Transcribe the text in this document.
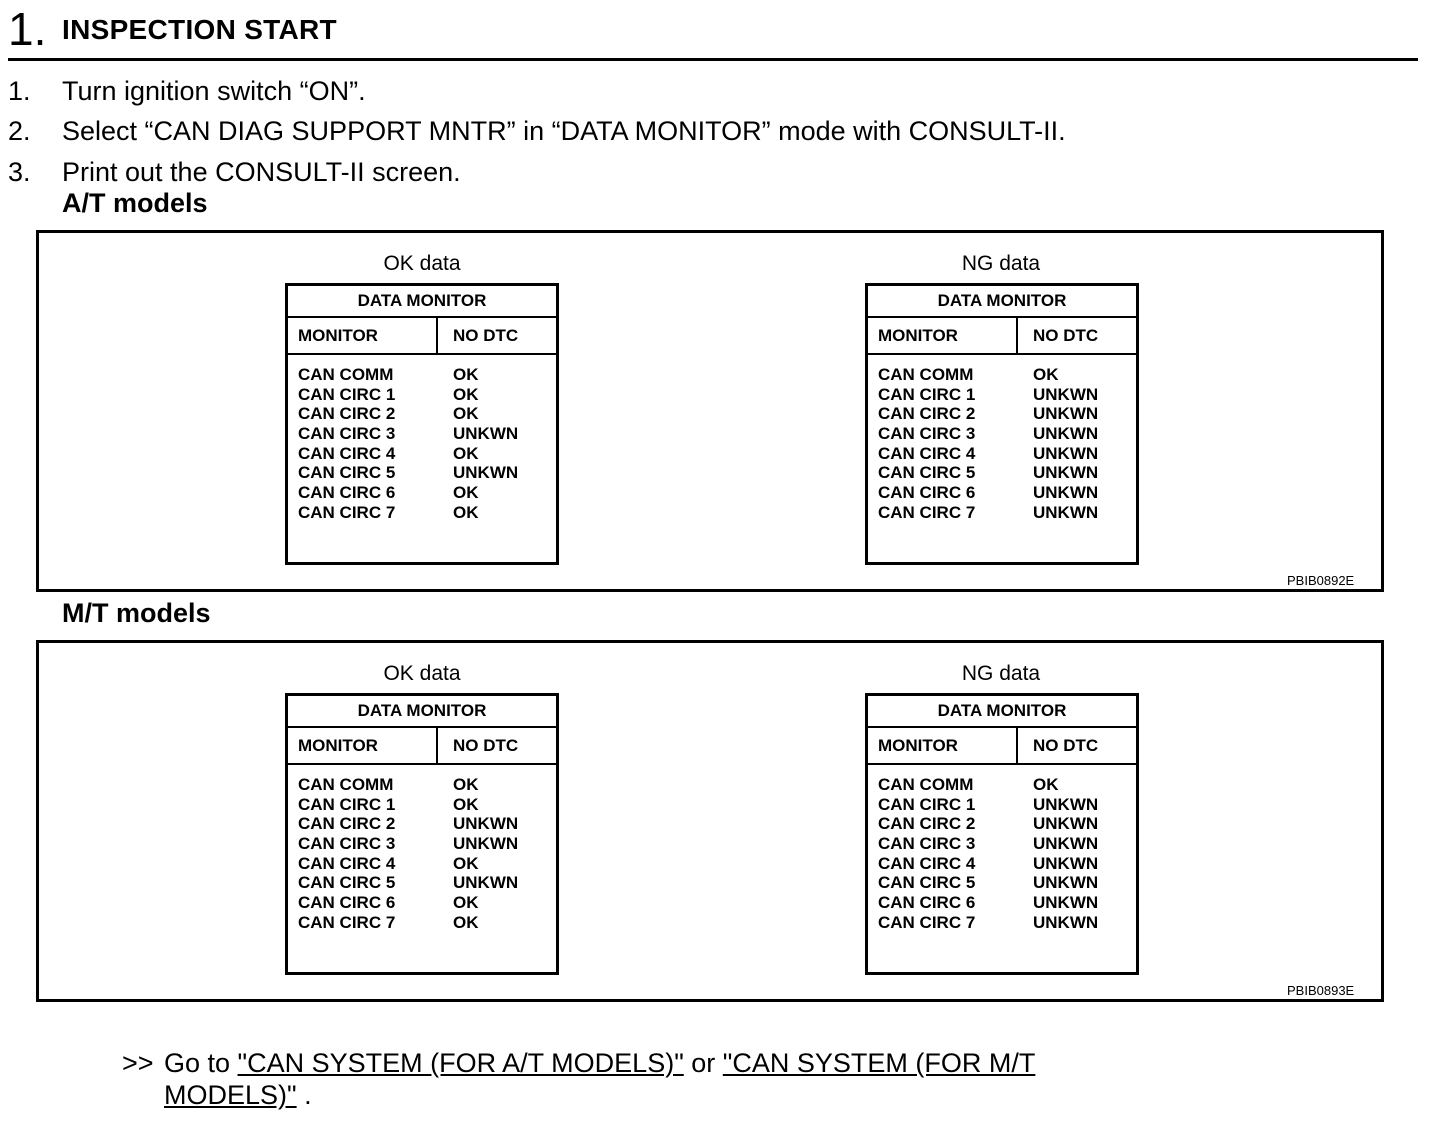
1. INSPECTION START
1. Turn ignition switch “ON”.
2. Select “CAN DIAG SUPPORT MNTR” in “DATA MONITOR” mode with CONSULT-II.
3. Print out the CONSULT-II screen.
A/T models
OK data
DATA MONITOR
MONITOR	NO DTC
CAN COMM	OK
CAN CIRC 1	OK
CAN CIRC 2	OK
CAN CIRC 3	UNKWN
CAN CIRC 4	OK
CAN CIRC 5	UNKWN
CAN CIRC 6	OK
CAN CIRC 7	OK
NG data
DATA MONITOR
MONITOR	NO DTC
CAN COMM	OK
CAN CIRC 1	UNKWN
CAN CIRC 2	UNKWN
CAN CIRC 3	UNKWN
CAN CIRC 4	UNKWN
CAN CIRC 5	UNKWN
CAN CIRC 6	UNKWN
CAN CIRC 7	UNKWN
PBIB0892E
M/T models
OK data
DATA MONITOR
MONITOR	NO DTC
CAN COMM	OK
CAN CIRC 1	OK
CAN CIRC 2	UNKWN
CAN CIRC 3	UNKWN
CAN CIRC 4	OK
CAN CIRC 5	UNKWN
CAN CIRC 6	OK
CAN CIRC 7	OK
NG data
DATA MONITOR
MONITOR	NO DTC
CAN COMM	OK
CAN CIRC 1	UNKWN
CAN CIRC 2	UNKWN
CAN CIRC 3	UNKWN
CAN CIRC 4	UNKWN
CAN CIRC 5	UNKWN
CAN CIRC 6	UNKWN
CAN CIRC 7	UNKWN
PBIB0893E
>> Go to "CAN SYSTEM (FOR A/T MODELS)" or "CAN SYSTEM (FOR M/T MODELS)" .
